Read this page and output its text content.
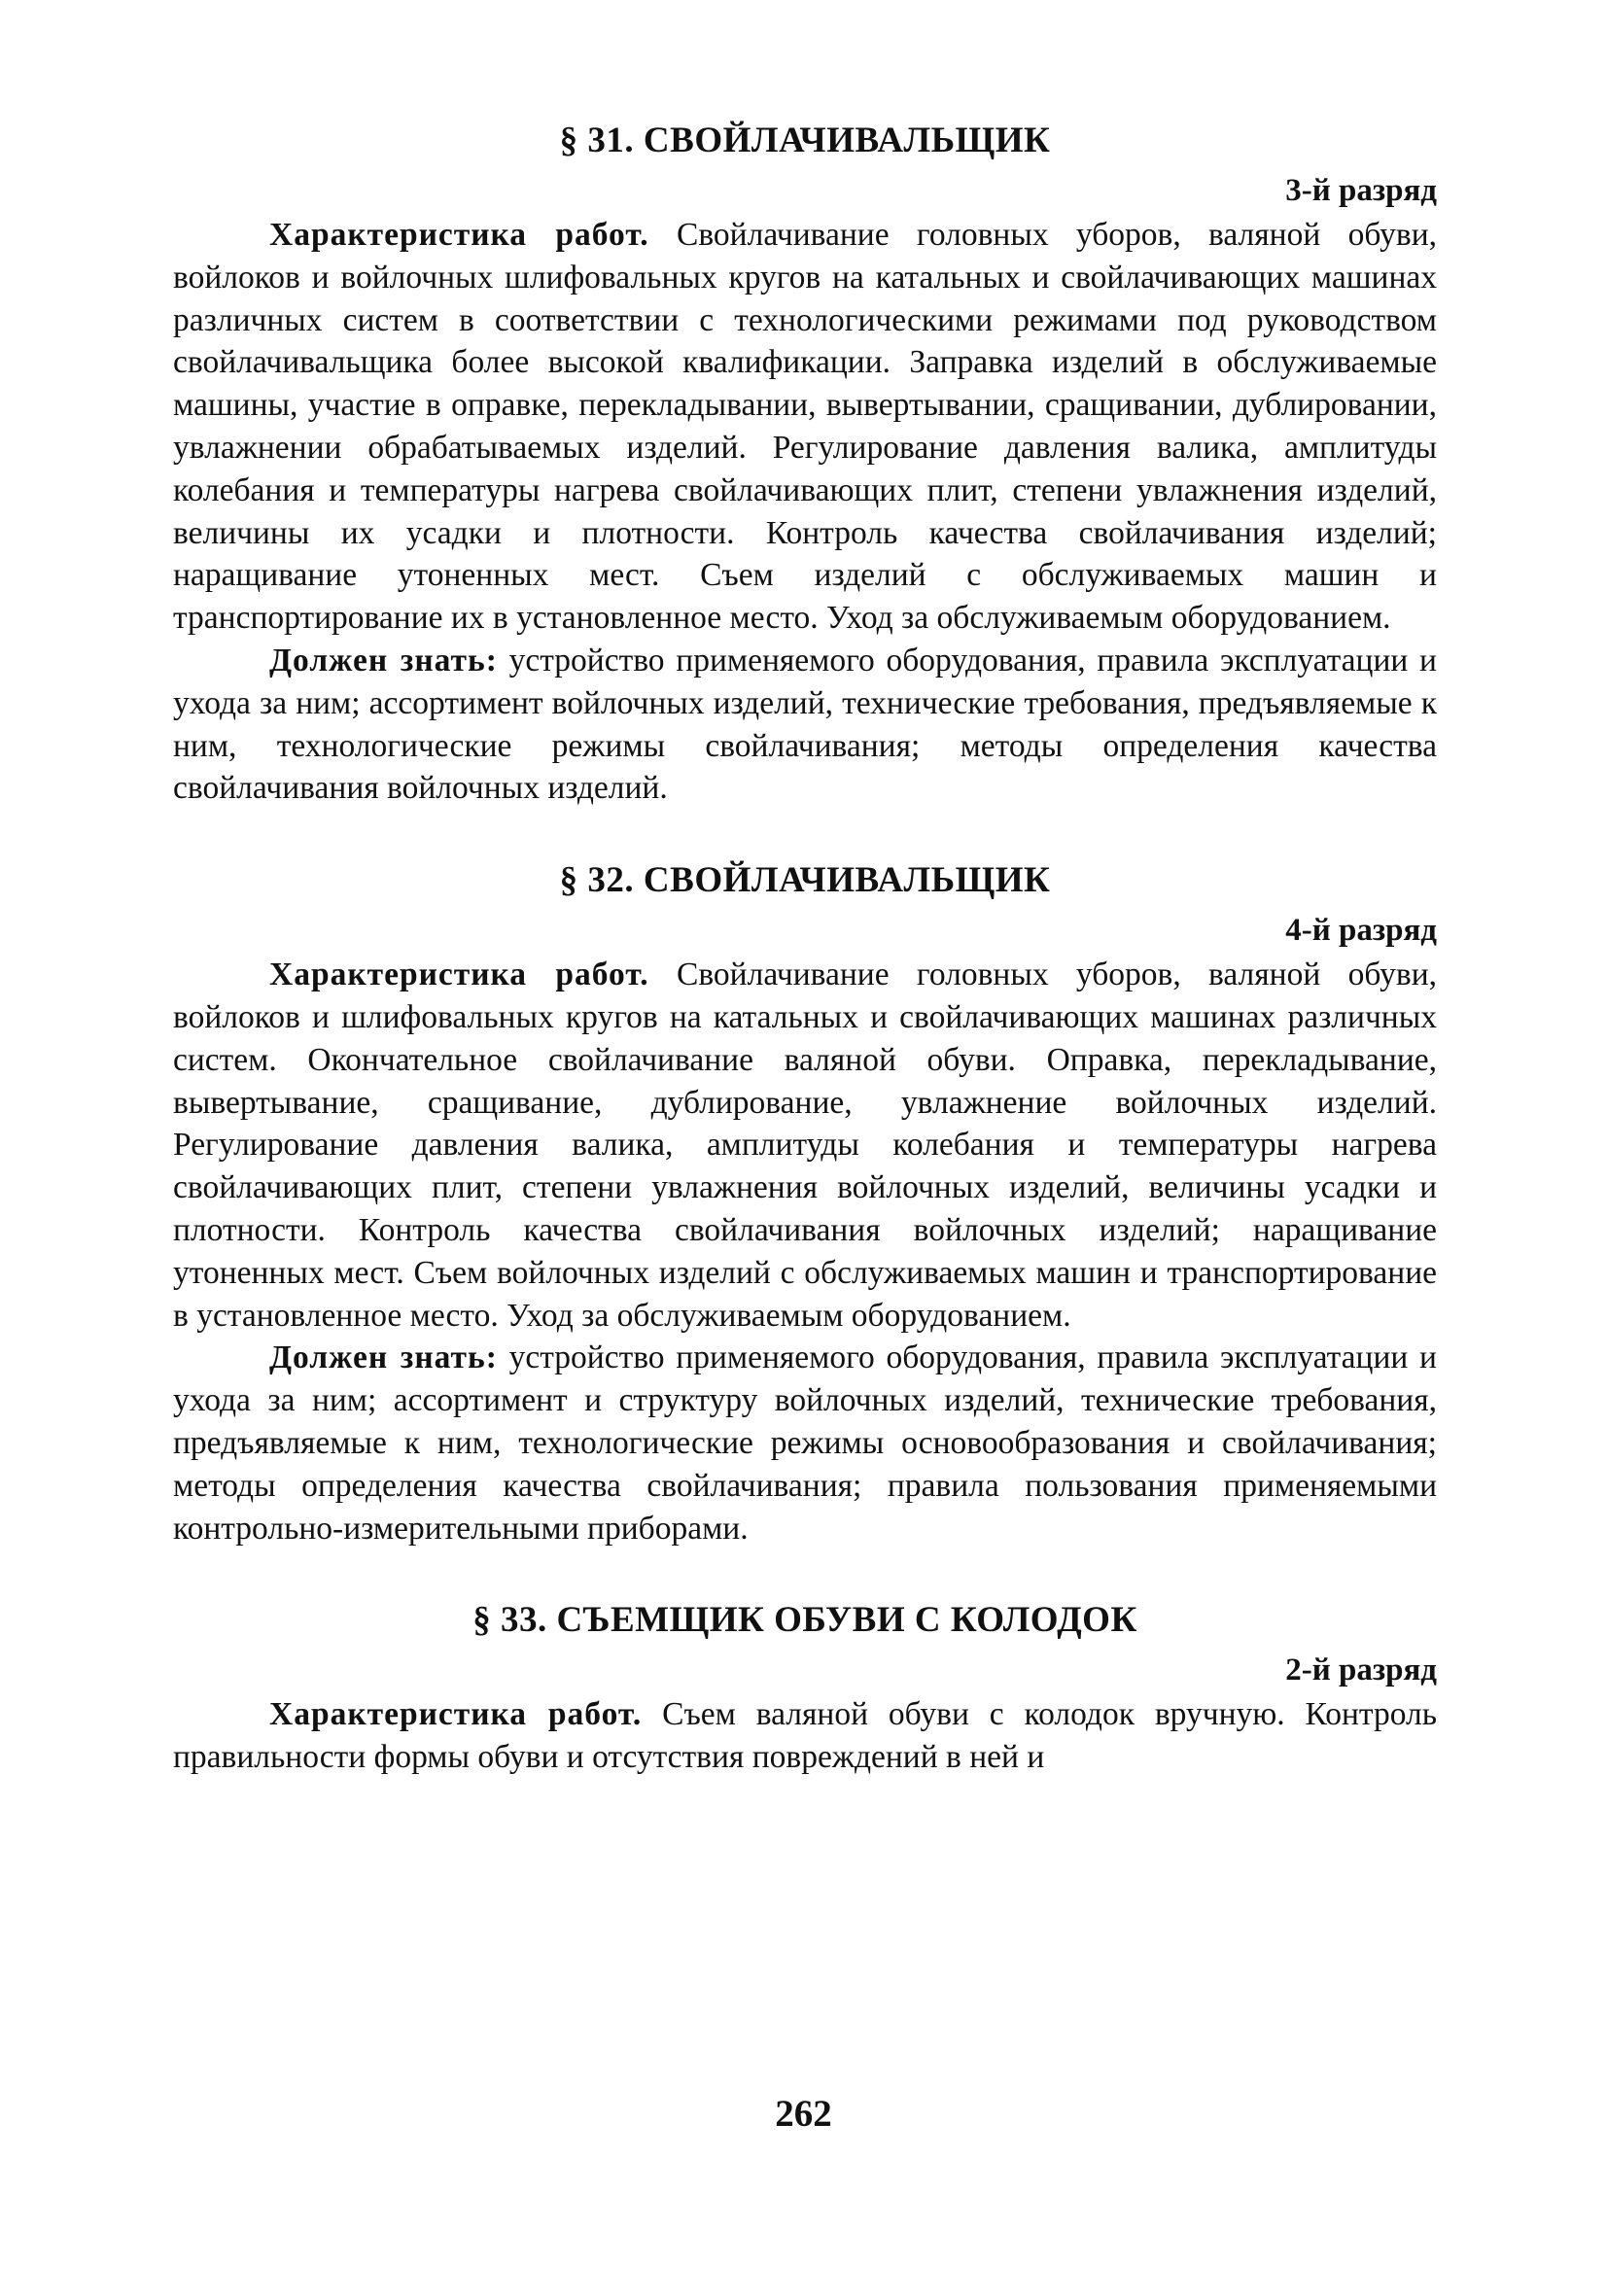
§ 31. СВОЙЛАЧИВАЛЬЩИК

3-й разряд

Характеристика работ. Свойлачивание головных уборов, валяной обуви, войлоков и войлочных шлифовальных кругов на катальных и свойлачивающих машинах различных систем в соответствии с технологическими режимами под руководством свойлачивальщика более высокой квалификации. Заправка изделий в обслуживаемые машины, участие в оправке, перекладывании, вывертывании, сращивании, дублировании, увлажнении обрабатываемых изделий. Регулирование давления валика, амплитуды колебания и температуры нагрева свойлачивающих плит, степени увлажнения изделий, величины их усадки и плотности. Контроль качества свойлачивания изделий; наращивание утоненных мест. Съем изделий с обслуживаемых машин и транспортирование их в установленное место. Уход за обслуживаемым оборудованием.

Должен знать: устройство применяемого оборудования, правила эксплуатации и ухода за ним; ассортимент войлочных изделий, технические требования, предъявляемые к ним, технологические режимы свойлачивания; методы определения качества свойлачивания войлочных изделий.

§ 32. СВОЙЛАЧИВАЛЬЩИК

4-й разряд

Характеристика работ. Свойлачивание головных уборов, валяной обуви, войлоков и шлифовальных кругов на катальных и свойлачивающих машинах различных систем. Окончательное свойлачивание валяной обуви. Оправка, перекладывание, вывертывание, сращивание, дублирование, увлажнение войлочных изделий. Регулирование давления валика, амплитуды колебания и температуры нагрева свойлачивающих плит, степени увлажнения войлочных изделий, величины усадки и плотности. Контроль качества свойлачивания войлочных изделий; наращивание утоненных мест. Съем войлочных изделий с обслуживаемых машин и транспортирование в установленное место. Уход за обслуживаемым оборудованием.

Должен знать: устройство применяемого оборудования, правила эксплуатации и ухода за ним; ассортимент и структуру войлочных изделий, технические требования, предъявляемые к ним, технологические режимы основообразования и свойлачивания; методы определения качества свойлачивания; правила пользования применяемыми контрольно-измерительными приборами.

§ 33. СЪЕМЩИК ОБУВИ С КОЛОДОК

2-й разряд

Характеристика работ. Съем валяной обуви с колодок вручную. Контроль правильности формы обуви и отсутствия повреждений в ней и

262
